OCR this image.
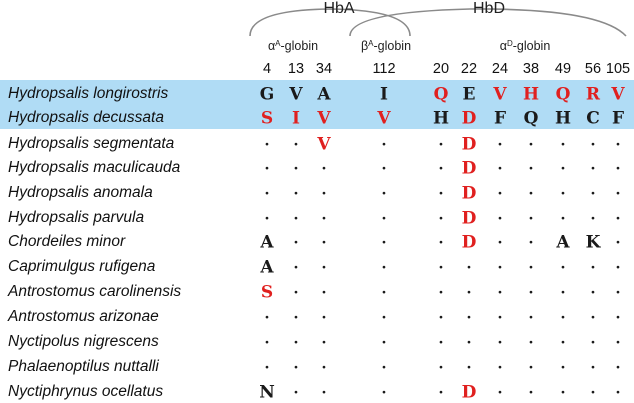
HbA	HbD
$\alpha^A$-globin	$\beta^A$-globin	$\alpha^D$-globin
4 13 34	112	20 22 24 38 49 56 105
Hydropsalis longirostris	G V A	I	Q E V H Q R V
Hydropsalis decussata	S I V	V H D F Q H C F
Hydropsalis segmentata	· · V	·	· D · · · · ·
Hydropsalis maculicauda	· · ·	·	· D · · · · ·
Hydropsalis anomala	· · ·	·	· D · · · · ·
Hydropsalis parvula	· · ·	·	· D · · · · ·
Chordeiles minor	A · ·	·	· D · · A K ·
Caprimulgus rufigena	A · ·	·	· · · · · · ·
Antrostomus carolinensis	S · ·	·	· · · · · · ·
Antrostomus arizonae	· · ·	·	· · · · · · ·
Nyctipolus nigrescens	· · ·	·	· · · · · · ·
Phalaenoptilus nuttalli	· · ·	·	· · · · · · ·
Nyctiphrynus ocellatus	N · ·	·	· D · · · · ·
